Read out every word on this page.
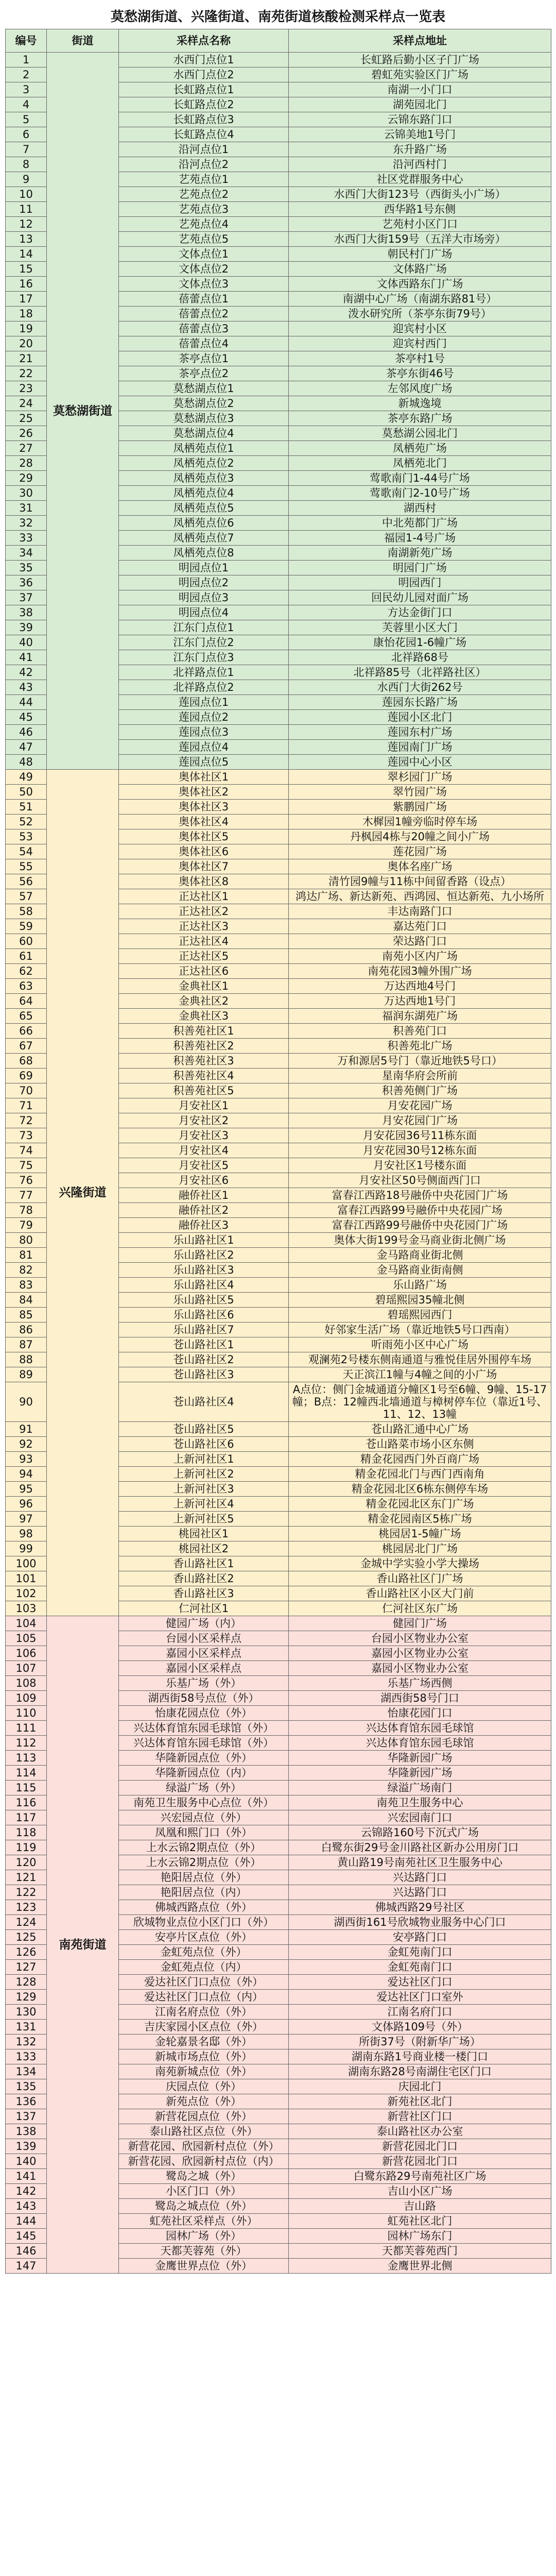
莫愁湖街道、兴隆街道、南苑街道核酸检测采样点一览表
编号	街道	采样点名称	采样点地址
1	莫愁湖街道	水西门点位1	长虹路后勤小区子门广场
2		水西门点位2	碧虹苑实验区门广场
3		长虹路点位1	南湖一小门口
4		长虹路点位2	湖苑园北门
5		长虹路点位3	云锦东路门口
6		长虹路点位4	云锦美地1号门
7		沿河点位1	东升路广场
8		沿河点位2	沿河西村门
9		艺苑点位1	社区党群服务中心
10		艺苑点位2	水西门大街123号（西街头小广场）
11		艺苑点位3	西华路1号东侧
12		艺苑点位4	艺苑村小区门口
13		艺苑点位5	水西门大街159号（五洋大市场旁）
14		文体点位1	朝民村门广场
15		文体点位2	文体路广场
16		文体点位3	文体西路东门广场
17		蓓蕾点位1	南湖中心广场（南湖东路81号）
18		蓓蕾点位2	泼水研究所（茶亭东街79号）
19		蓓蕾点位3	迎宾村小区
20		蓓蕾点位4	迎宾村西门
21		茶亭点位1	茶亭村1号
22		茶亭点位2	茶亭东街46号
23		莫愁湖点位1	左邻风度广场
24		莫愁湖点位2	新城逸境
25		莫愁湖点位3	茶亭东路广场
26		莫愁湖点位4	莫愁湖公园北门
27		凤栖苑点位1	凤栖苑广场
28		凤栖苑点位2	凤栖苑北门
29		凤栖苑点位3	莺歌南门1-44号广场
30		凤栖苑点位4	莺歌南门2-10号广场
31		凤栖苑点位5	湖西村
32		凤栖苑点位6	中北苑都门广场
33		凤栖苑点位7	福园1-4号广场
34		凤栖苑点位8	南湖新苑广场
35		明园点位1	明园门广场
36		明园点位2	明园西门
37		明园点位3	回民幼儿园对面广场
38		明园点位4	方达金街门口
39		江东门点位1	芙蓉里小区大门
40		江东门点位2	康怡花园1-6幢广场
41		江东门点位3	北祥路68号
42		北祥路点位1	北祥路85号（北祥路社区）
43		北祥路点位2	水西门大街262号
44		莲园点位1	莲园东长路广场
45		莲园点位2	莲园小区北门
46		莲园点位3	莲园东村广场
47		莲园点位4	莲园南门广场
48		莲园点位5	莲园中心小区
49	兴隆街道	奥体社区1	翠杉园门广场
50		奥体社区2	翠竹园广场
51		奥体社区3	紫鹏园广场
52		奥体社区4	木樨园1幢旁临时停车场
53		奥体社区5	丹枫园4栋与20幢之间小广场
54		奥体社区6	莲花园广场
55		奥体社区7	奥体名座广场
56		奥体社区8	清竹园9幢与11栋中间留香路（设点）
57		正达社区1	鸿达广场、新达新苑、西鸿园、恒达新苑、九小场所
58		正达社区2	丰达南路门口
59		正达社区3	嘉达苑门口
60		正达社区4	荣达路门口
61		正达社区5	南苑小区内广场
62		正达社区6	南苑花园3幢外围广场
63		金典社区1	万达西地4号门
64		金典社区2	万达西地1号门
65		金典社区3	福润东湖苑广场
66		积善苑社区1	积善苑门口
67		积善苑社区2	积善苑北广场
68		积善苑社区3	万和源居5号门（靠近地铁5号口）
69		积善苑社区4	星南华府会所前
70		积善苑社区5	积善苑侧门广场
71		月安社区1	月安花园广场
72		月安社区2	月安花园门广场
73		月安社区3	月安花园36号11栋东面
74		月安社区4	月安花园30号12栋东面
75		月安社区5	月安社区1号楼东面
76		月安社区6	月安社区50号侧面西门口
77		融侨社区1	富春江西路18号融侨中央花园门广场
78		融侨社区2	富春江西路99号融侨中央花园广场
79		融侨社区3	富春江西路99号融侨中央花园门广场
80		乐山路社区1	奥体大街199号金马商业街北侧广场
81		乐山路社区2	金马路商业街北侧
82		乐山路社区3	金马路商业街南侧
83		乐山路社区4	乐山路广场
84		乐山路社区5	碧瑶熙园35幢北侧
85		乐山路社区6	碧瑶熙园西门
86		乐山路社区7	好邻家生活广场（靠近地铁5号口西南）
87		苍山路社区1	听雨苑小区中心广场
88		苍山路社区2	观澜苑2号楼东侧南通道与雅悦佳居外围停车场
89		苍山路社区3	天正滨江1幢与4幢之间的小广场
90		苍山路社区4	A点位：侧门金城通道分幢区1号至6幢、9幢、15-17幢；B点：12幢西北墙通道与樟树停车位（靠近1号、11、12、13幢
91		苍山路社区5	苍山路汇通中心广场
92		苍山路社区6	苍山路菜市场小区东侧
93		上新河社区1	精金花园西门外百商广场
94		上新河社区2	精金花园北门与西门西南角
95		上新河社区3	精金花园北区6栋东侧停车场
96		上新河社区4	精金花园北区东门广场
97		上新河社区5	精金花园南区5栋广场
98		桃园社区1	桃园居1-5幢广场
99		桃园社区2	桃园居北门广场
100		香山路社区1	金城中学实验小学大操场
101		香山路社区2	香山路社区门广场
102		香山路社区3	香山路社区小区大门前
103		仁河社区1	仁河社区东广场
104	南苑街道	健园广场（内）	健园门广场
105		台园小区采样点	台园小区物业办公室
106		嘉园小区采样点	嘉园小区物业办公室
107		嘉园小区采样点	嘉园小区物业办公室
108		乐基广场（外）	乐基广场西侧
109		湖西街58号点位（外）	湖西街58号门口
110		怡康花园点位（外）	怡康花园门口
111		兴达体育馆东园毛球馆（外）	兴达体育馆东园毛球馆
112		兴达体育馆东园毛球馆（外）	兴达体育馆东园毛球馆
113		华隆新园点位（外）	华隆新园广场
114		华隆新园点位（内）	华隆新园广场
115		绿溢广场（外）	绿溢广场南门
116		南苑卫生服务中心点位（外）	南苑卫生服务中心
117		兴宏园点位（外）	兴宏园南门口
118		凤凰和熙门口（外）	云锦路160号下沉式广场
119		上水云锦2期点位（外）	白鹭东街29号金川路社区新办公用房门口
120		上水云锦2期点位（外）	黄山路19号南苑社区卫生服务中心
121		艳阳居点位（外）	兴达路门口
122		艳阳居点位（内）	兴达路门口
123		佛城西路点位（外）	佛城西路29号社区
124		欣城物业点位小区门口（外）	湖西街161号欣城物业服务中心门口
125		安亭片区点位（外）	安亭路门口
126		金虹苑点位（外）	金虹苑南门口
127		金虹苑点位（内）	金虹苑南门口
128		爱达社区门口点位（外）	爱达社区门口
129		爱达社区门口点位（内）	爱达社区门口室外
130		江南名府点位（外）	江南名府门口
131		吉庆家园小区点位（外）	文体路109号（外）
132		金轮嘉景名邸（外）	所街37号（附新华广场）
133		新城市场点位（外）	湖南东路1号商业楼一楼门口
134		南苑新城点位（外）	湖南东路28号南湖住宅区门口
135		庆园点位（外）	庆园北门
136		新苑点位（外）	新苑社区北门
137		新营花园点位（外）	新营社区门口
138		泰山路社区点位（外）	泰山路社区办公室
139		新营花园、欣园新村点位（外）	新营花园北门口
140		新营花园、欣园新村点位（内）	新营花园北门口
141		鹭岛之城（外）	白鹭东路29号南苑社区广场
142		小区门口（外）	吉山小区广场
143		鹭岛之城点位（外）	吉山路
144		虹苑社区采样点（外）	虹苑社区北门
145		园林广场（外）	园林广场东门
146		天都芙蓉苑（外）	天都芙蓉苑西门
147		金鹰世界点位（外）	金鹰世界北侧
